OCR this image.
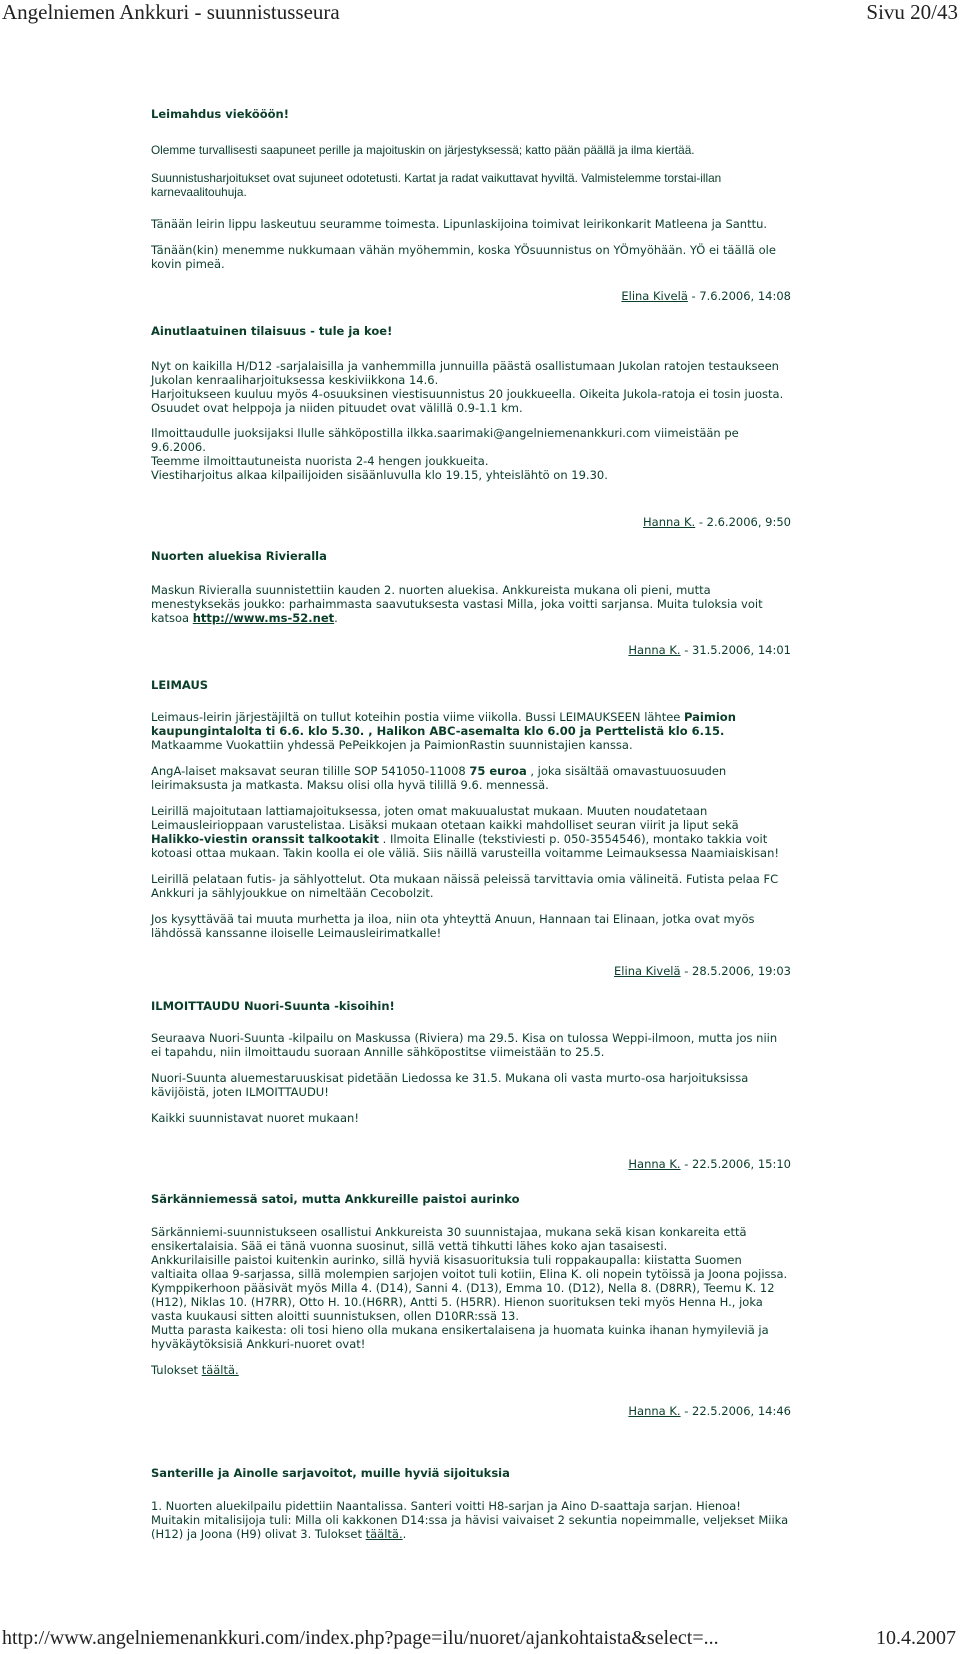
Angelniemen Ankkuri - suunnistusseura	Sivu 20/43

Leimahdus viekööön!

Olemme turvallisesti saapuneet perille ja majoituskin on järjestyksessä; katto pään päällä ja ilma kiertää.

Suunnistusharjoitukset ovat sujuneet odotetusti. Kartat ja radat vaikuttavat hyviltä. Valmistelemme torstai-illan karnevaalitouhuja.

Tänään leirin lippu laskeutuu seuramme toimesta. Lipunlaskijoina toimivat leirikonkarit Matleena ja Santtu.

Tänään(kin) menemme nukkumaan vähän myöhemmin, koska YÖsuunnistus on YÖmyöhään. YÖ ei täällä ole kovin pimeä.

Elina Kivelä - 7.6.2006, 14:08

Ainutlaatuinen tilaisuus - tule ja koe!

Nyt on kaikilla H/D12 -sarjalaisilla ja vanhemmilla junnuilla päästä osallistumaan Jukolan ratojen testaukseen Jukolan kenraaliharjoituksessa keskiviikkona 14.6.

Harjoitukseen kuuluu myös 4-osuuksinen viestisuunnistus 20 joukkueella. Oikeita Jukola-ratoja ei tosin juosta.

Osuudet ovat helppoja ja niiden pituudet ovat välillä 0.9-1.1 km.

Ilmoittaudulle juoksijaksi Ilulle sähköpostilla ilkka.saarimaki@angelniemenankkuri.com viimeistään pe 9.6.2006.

Teemme ilmoittautuneista nuorista 2-4 hengen joukkueita.

Viestiharjoitus alkaa kilpailijoiden sisäänluvulla klo 19.15, yhteislähtö on 19.30.

Hanna K. - 2.6.2006, 9:50

Nuorten aluekisa Rivieralla

Maskun Rivieralla suunnistettiin kauden 2. nuorten aluekisa. Ankkureista mukana oli pieni, mutta menestyksekäs joukko: parhaimmasta saavutuksesta vastasi Milla, joka voitti sarjansa. Muita tuloksia voit katsoa http://www.ms-52.net.

Hanna K. - 31.5.2006, 14:01

LEIMAUS

Leimaus-leirin järjestäjiltä on tullut koteihin postia viime viikolla. Bussi LEIMAUKSEEN lähtee Paimion kaupungintalolta ti 6.6. klo 5.30. , Halikon ABC-asemalta klo 6.00 ja Perttelistä klo 6.15. Matkaamme Vuokattiin yhdessä PePeikkojen ja PaimionRastin suunnistajien kanssa.

AngA-laiset maksavat seuran tilille SOP 541050-11008 75 euroa , joka sisältää omavastuuosuuden leirimaksusta ja matkasta. Maksu olisi olla hyvä tilillä 9.6. mennessä.

Leirillä majoitutaan lattiamajoituksessa, joten omat makuualustat mukaan. Muuten noudatetaan Leimausleirioppaan varustelistaa. Lisäksi mukaan otetaan kaikki mahdolliset seuran viirit ja liput sekä Halikko-viestin oranssit talkootakit . Ilmoita Elinalle (tekstiviesti p. 050-3554546), montako takkia voit kotoasi ottaa mukaan. Takin koolla ei ole väliä. Siis näillä varusteilla voitamme Leimauksessa Naamiaiskisan!

Leirillä pelataan futis- ja sählyottelut. Ota mukaan näissä peleissä tarvittavia omia välineitä. Futista pelaa FC Ankkuri ja sählyjoukkue on nimeltään Cecobolzit.

Jos kysyttävää tai muuta murhetta ja iloa, niin ota yhteyttä Anuun, Hannaan tai Elinaan, jotka ovat myös lähdössä kanssanne iloiselle Leimausleirimatkalle!

Elina Kivelä - 28.5.2006, 19:03

ILMOITTAUDU Nuori-Suunta -kisoihin!

Seuraava Nuori-Suunta -kilpailu on Maskussa (Riviera) ma 29.5. Kisa on tulossa Weppi-ilmoon, mutta jos niin ei tapahdu, niin ilmoittaudu suoraan Annille sähköpostitse viimeistään to 25.5.

Nuori-Suunta aluemestaruuskisat pidetään Liedossa ke 31.5. Mukana oli vasta murto-osa harjoituksissa kävijöistä, joten ILMOITTAUDU!

Kaikki suunnistavat nuoret mukaan!

Hanna K. - 22.5.2006, 15:10

Särkänniemessä satoi, mutta Ankkureille paistoi aurinko

Särkänniemi-suunnistukseen osallistui Ankkureista 30 suunnistajaa, mukana sekä kisan konkareita että ensikertalaisia. Sää ei tänä vuonna suosinut, sillä vettä tihkutti lähes koko ajan tasaisesti.

Ankkurilaisille paistoi kuitenkin aurinko, sillä hyviä kisasuorituksia tuli roppakaupalla: kiistatta Suomen valtiaita ollaa 9-sarjassa, sillä molempien sarjojen voitot tuli kotiin, Elina K. oli nopein tytöissä ja Joona pojissa.

Kymppikerhoon pääsivät myös Milla 4. (D14), Sanni 4. (D13), Emma 10. (D12), Nella 8. (D8RR), Teemu K. 12 (H12), Niklas 10. (H7RR), Otto H. 10.(H6RR), Antti 5. (H5RR). Hienon suorituksen teki myös Henna H., joka vasta kuukausi sitten aloitti suunnistuksen, ollen D10RR:ssä 13.

Mutta parasta kaikesta: oli tosi hieno olla mukana ensikertalaisena ja huomata kuinka ihanan hymyileviä ja hyväkäytöksisiä Ankkuri-nuoret ovat!

Tulokset täältä.

Hanna K. - 22.5.2006, 14:46

Santerille ja Ainolle sarjavoitot, muille hyviä sijoituksia

1. Nuorten aluekilpailu pidettiin Naantalissa. Santeri voitti H8-sarjan ja Aino D-saattaja sarjan. Hienoa! Muitakin mitalisijoja tuli: Milla oli kakkonen D14:ssa ja hävisi vaivaiset 2 sekuntia nopeimmalle, veljekset Miika (H12) ja Joona (H9) olivat 3. Tulokset täältä..

http://www.angelniemenankkuri.com/index.php?page=ilu/nuoret/ajankohtaista&select=...	10.4.2007
